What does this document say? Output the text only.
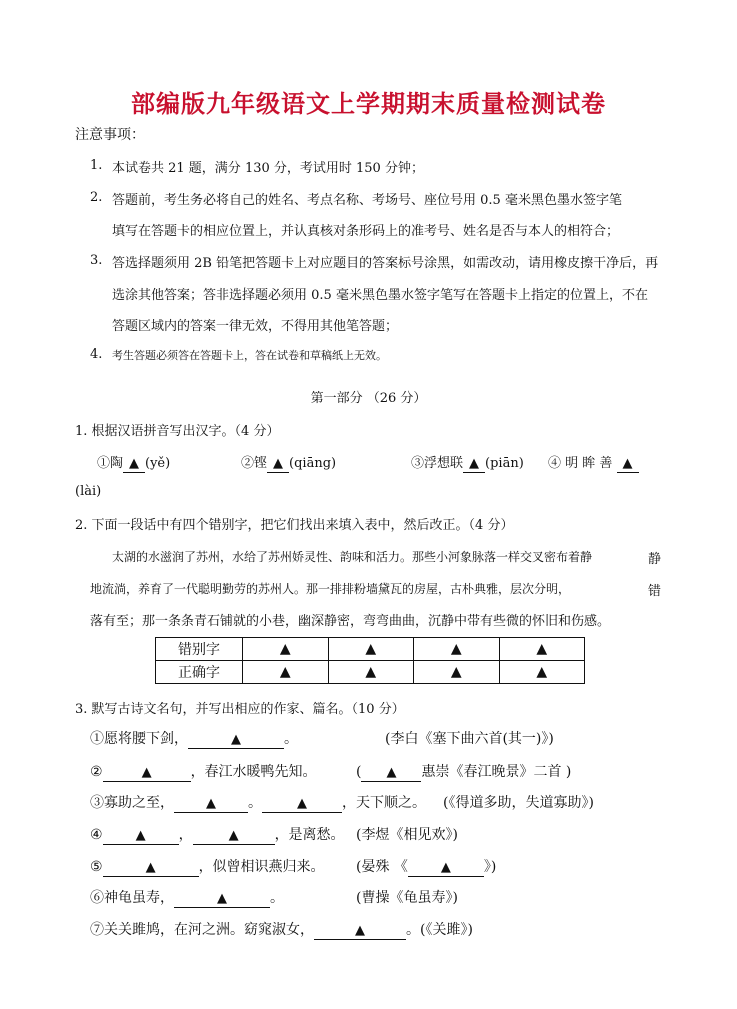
部编版九年级语文上学期期末质量检测试卷
注意事项：
1. 本试卷共 21 题，满分 130 分，考试用时 150 分钟；
2. 答题前，考生务必将自己的姓名、考点名称、考场号、座位号用 0.5 毫米黑色墨水签字笔
填写在答题卡的相应位置上，并认真核对条形码上的准考号、姓名是否与本人的相符合；
3. 答选择题须用 2B 铅笔把答题卡上对应题目的答案标号涂黑，如需改动，请用橡皮擦干净后，再
选涂其他答案；答非选择题必须用 0.5 毫米黑色墨水签字笔写在答题卡上指定的位置上，不在
答题区域内的答案一律无效，不得用其他笔答题；
4. 考生答题必须答在答题卡上，答在试卷和草稿纸上无效。
第一部分 （26 分）
1. 根据汉语拼音写出汉字。（4 分）
①陶 ▲ (yě)	②铿 ▲ (qiāng)	③浮想联 ▲ (piān) ④ 明 眸 善 ▲
(lài)
2. 下面一段话中有四个错别字，把它们找出来填入表中，然后改正。（4 分）
太湖的水滋润了苏州，水给了苏州娇灵性、韵味和活力。那些小河象脉落一样交叉密布着静	静
地流淌，养育了一代聪明勤劳的苏州人。那一排排粉墙黛瓦的房屋，古朴典雅，层次分明，	错
落有至；那一条条青石铺就的小巷，幽深静密，弯弯曲曲，沉静中带有些微的怀旧和伤感。
错别字	▲	▲	▲	▲
正确字	▲	▲	▲	▲
3. 默写古诗文名句，并写出相应的作家、篇名。（10 分）
①愿将腰下剑，	▲	。	(李白《塞下曲六首(其一)》)
②	▲	，春江水暖鸭先知。	( ▲ 惠崇《春江晚景》二首 )
③寡助之至， ▲ 。	▲	，天下顺之。 (《得道多助，失道寡助》)
④	▲ ，	▲	，是离愁。 (李煜《相见欢》)
⑤	▲	，似曾相识燕归来。 (晏殊 《	▲ 》)
⑥神龟虽寿，	▲	。	(曹操《龟虽寿》)
⑦关关雎鸠，在河之洲。窈窕淑女，	▲	。(《关雎》)
